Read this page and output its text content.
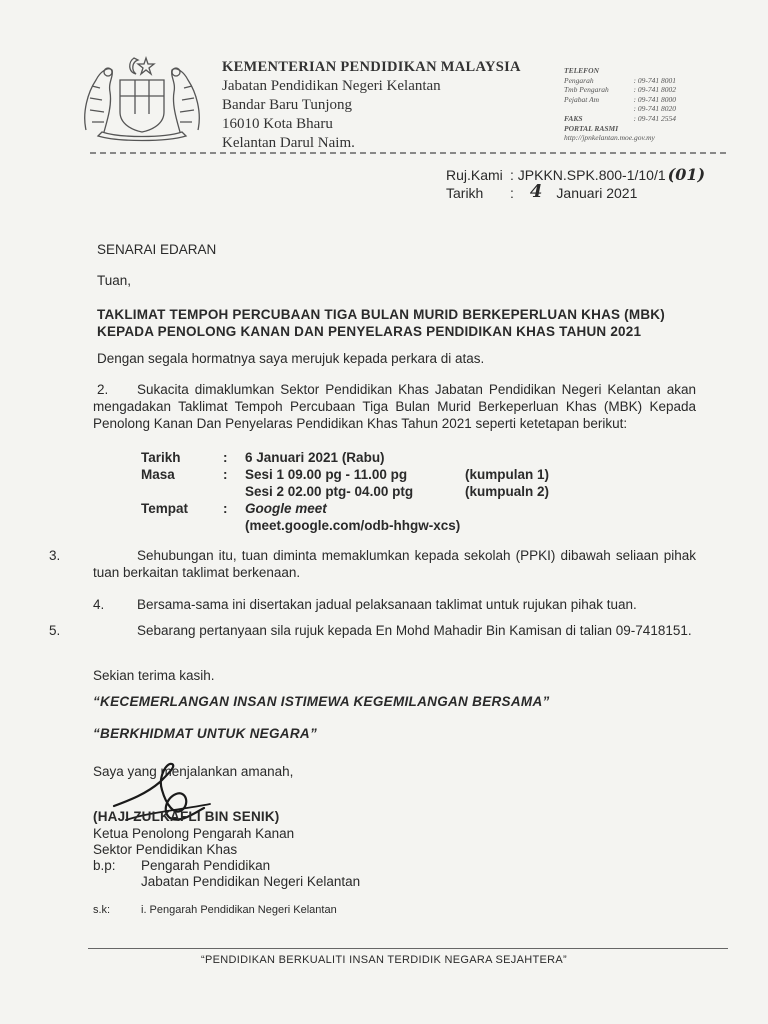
KEMENTERIAN PENDIDIKAN MALAYSIA
Jabatan Pendidikan Negeri Kelantan
Bandar Baru Tunjong
16010 Kota Bharu
Kelantan Darul Naim.
TELEFON
Pengarah	: 09-741 8001
Tmb Pengarah	: 09-741 8002
Pejabat Am	: 09-741 8000
: 09-741 8020
FAKS	: 09-741 2554
PORTAL RASMI
http://jpnkelantan.moe.gov.my
Ruj.Kami : JPKKN.SPK.800-1/10/1 (01)
Tarikh	: 4 Januari 2021
SENARAI EDARAN
Tuan,
TAKLIMAT TEMPOH PERCUBAAN TIGA BULAN MURID BERKEPERLUAN KHAS (MBK)
KEPADA PENOLONG KANAN DAN PENYELARAS PENDIDIKAN KHAS TAHUN 2021
Dengan segala hormatnya saya merujuk kepada perkara di atas.
2.	Sukacita dimaklumkan Sektor Pendidikan Khas Jabatan Pendidikan Negeri Kelantan akan mengadakan Taklimat Tempoh Percubaan Tiga Bulan Murid Berkeperluan Khas (MBK) Kepada Penolong Kanan Dan Penyelaras Pendidikan Khas Tahun 2021 seperti ketetapan berikut:
Tarikh	:	6 Januari 2021 (Rabu)
Masa	:	Sesi 1 09.00 pg - 11.00 pg	(kumpulan 1)
Sesi 2 02.00 ptg- 04.00 ptg	(kumpualn 2)
Tempat	:	Google meet
(meet.google.com/odb-hhgw-xcs)
3.	Sehubungan itu, tuan diminta memaklumkan kepada sekolah (PPKI) dibawah seliaan pihak tuan berkaitan taklimat berkenaan.
4. Bersama-sama ini disertakan jadual pelaksanaan taklimat untuk rujukan pihak tuan.
5.	Sebarang pertanyaan sila rujuk kepada En Mohd Mahadir Bin Kamisan di talian 09-7418151.
Sekian terima kasih.
“KECEMERLANGAN INSAN ISTIMEWA KEGEMILANGAN BERSAMA”
“BERKHIDMAT UNTUK NEGARA”
Saya yang menjalankan amanah,
(HAJI ZULKAFLI BIN SENIK)
Ketua Penolong Pengarah Kanan
Sektor Pendidikan Khas
b.p: Pengarah Pendidikan
Jabatan Pendidikan Negeri Kelantan
s.k:	i. Pengarah Pendidikan Negeri Kelantan
“PENDIDIKAN BERKUALITI INSAN TERDIDIK NEGARA SEJAHTERA”
